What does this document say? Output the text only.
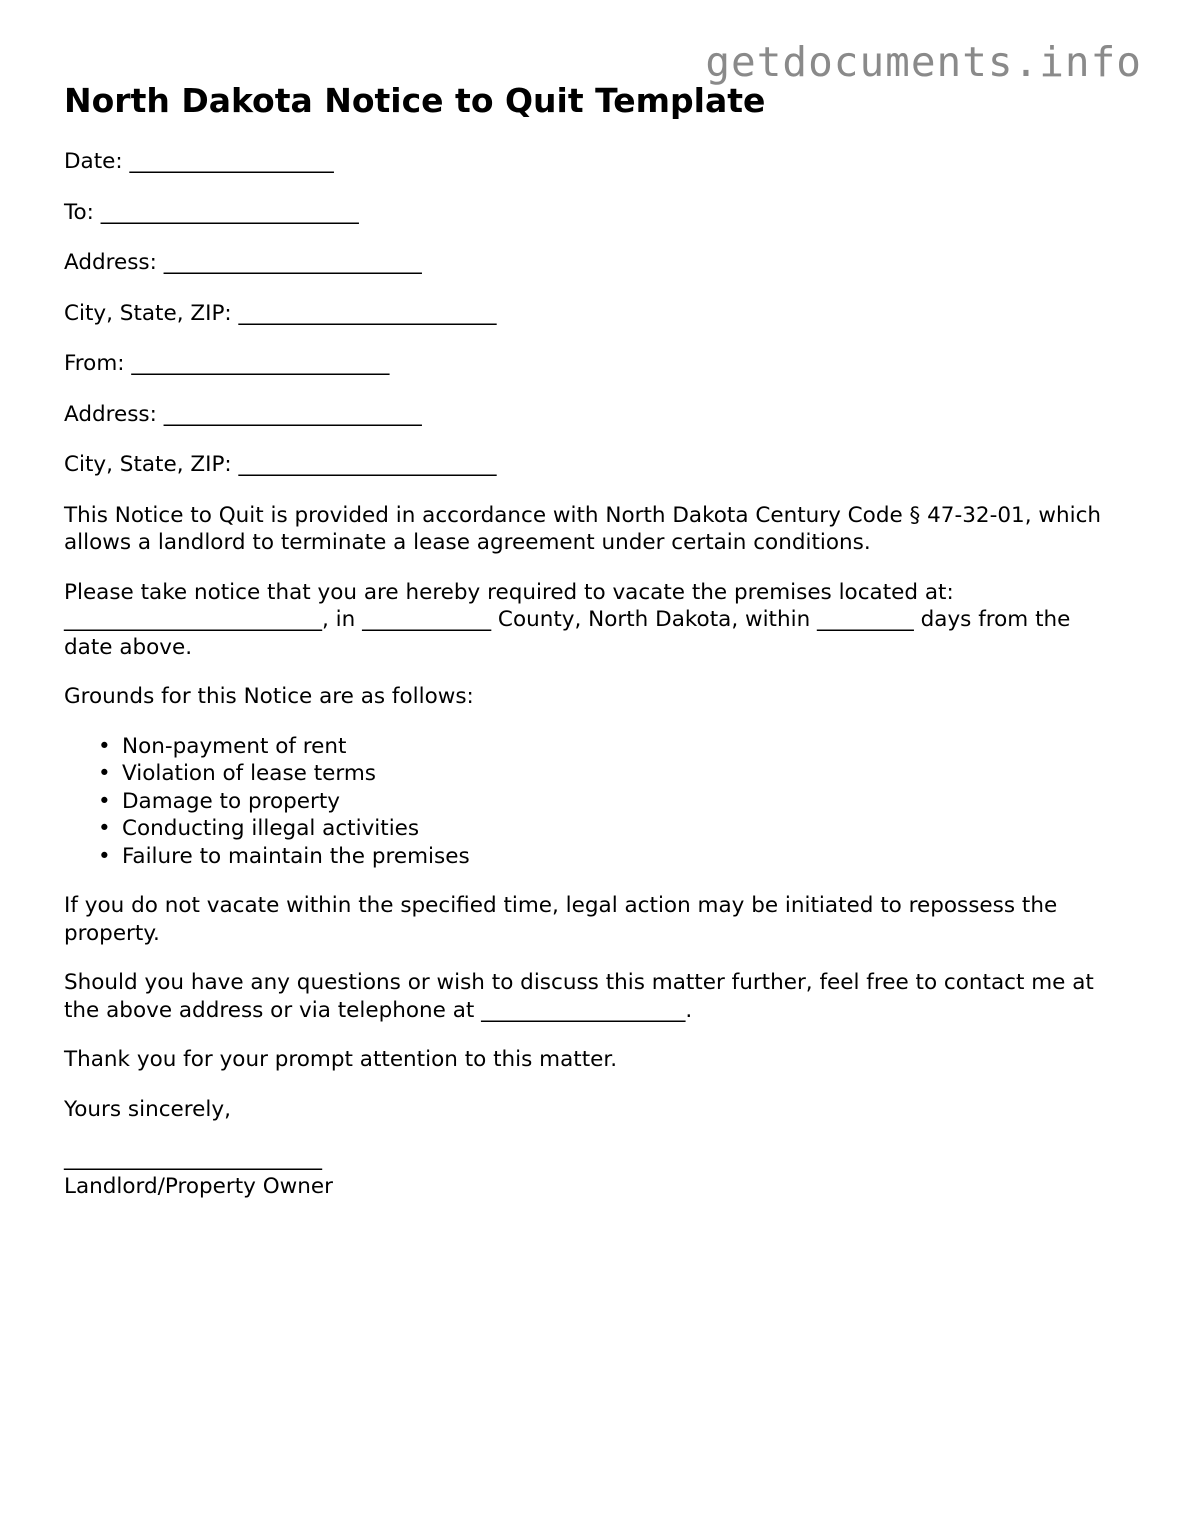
getdocuments.info
North Dakota Notice to Quit Template

Date: ___________________

To: ________________________

Address: ________________________

City, State, ZIP: ________________________

From: ________________________

Address: ________________________

City, State, ZIP: ________________________

This Notice to Quit is provided in accordance with North Dakota Century Code § 47-32-01, which allows a landlord to terminate a lease agreement under certain conditions.

Please take notice that you are hereby required to vacate the premises located at: ________________________, in ____________ County, North Dakota, within _________ days from the date above.

Grounds for this Notice are as follows:

• Non-payment of rent
• Violation of lease terms
• Damage to property
• Conducting illegal activities
• Failure to maintain the premises

If you do not vacate within the specified time, legal action may be initiated to repossess the property.

Should you have any questions or wish to discuss this matter further, feel free to contact me at the above address or via telephone at ___________________.

Thank you for your prompt attention to this matter.

Yours sincerely,

________________________
Landlord/Property Owner
